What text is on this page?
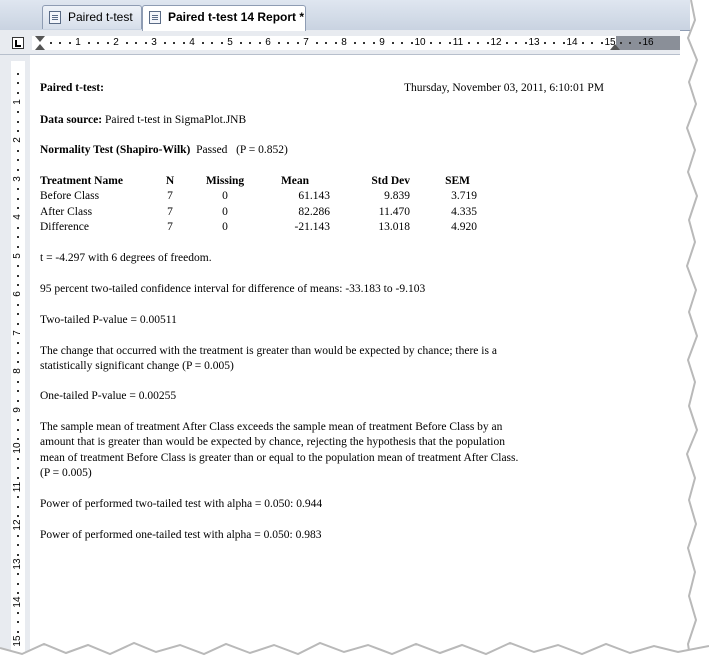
Paired t-test	Paired t-test 14 Report *
1	2	3	4	5	6	7	8	9	10	11	12	13	14	15	16
1
2
3
4
5
6
7
8
9
10
11
12
13
14
15
Paired t-test:	Thursday, November 03, 2011, 6:10:01 PM
Data source: Paired t-test in SigmaPlot.JNB
Normality Test (Shapiro-Wilk) Passed (P = 0.852)
Treatment Name	N	Missing	Mean	Std Dev	SEM
Before Class	7	0	61.143	9.839	3.719
After Class	7	0	82.286	11.470	4.335
Difference	7	0	-21.143	13.018	4.920
t = -4.297 with 6 degrees of freedom.
95 percent two-tailed confidence interval for difference of means: -33.183 to -9.103
Two-tailed P-value = 0.00511
The change that occurred with the treatment is greater than would be expected by chance; there is a
statistically significant change (P = 0.005)
One-tailed P-value = 0.00255
The sample mean of treatment After Class exceeds the sample mean of treatment Before Class by an
amount that is greater than would be expected by chance, rejecting the hypothesis that the population
mean of treatment Before Class is greater than or equal to the population mean of treatment After Class.
(P = 0.005)
Power of performed two-tailed test with alpha = 0.050: 0.944
Power of performed one-tailed test with alpha = 0.050: 0.983
